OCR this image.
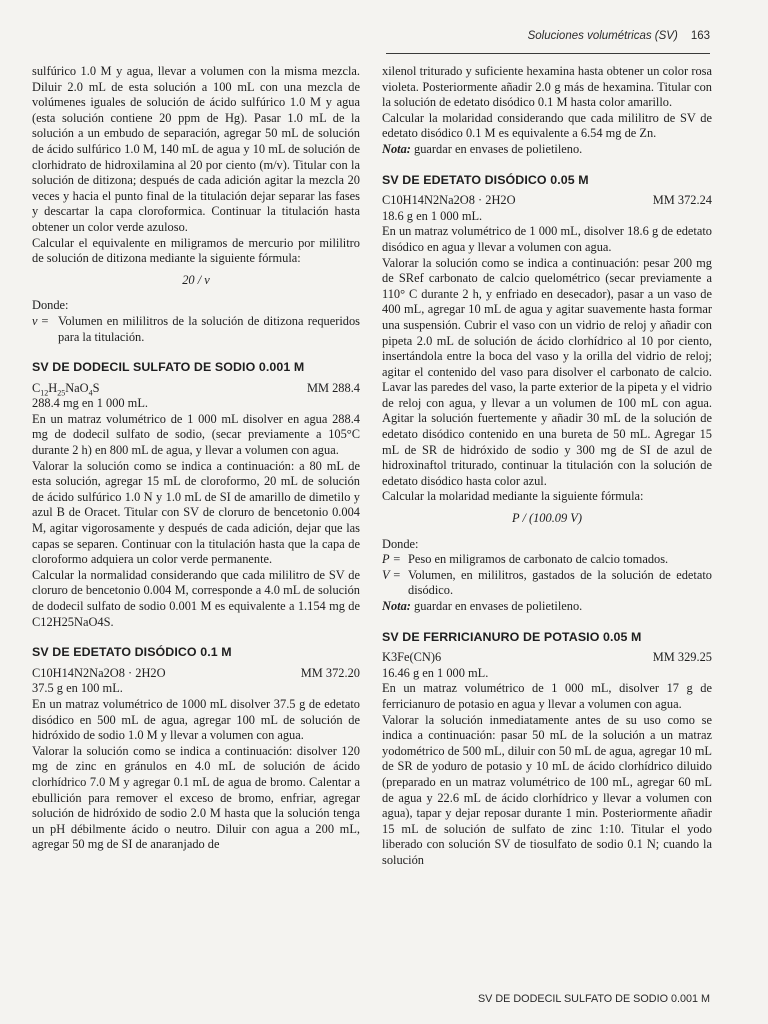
Soluciones volumétricas (SV) 163

sulfúrico 1.0 M y agua, llevar a volumen con la misma mezcla. Diluir 2.0 mL de esta solución a 100 mL con una mezcla de volúmenes iguales de solución de ácido sulfúrico 1.0 M y agua (esta solución contiene 20 ppm de Hg). Pasar 1.0 mL de la solución a un embudo de separación, agregar 50 mL de solución de ácido sulfúrico 1.0 M, 140 mL de agua y 10 mL de solución de clorhidrato de hidroxilamina al 20 por ciento (m/v). Titular con la solución de ditizona; después de cada adición agitar la mezcla 20 veces y hacia el punto final de la titulación dejar separar las fases y descartar la capa cloroformica. Continuar la titulación hasta obtener un color verde azuloso.

Calcular el equivalente en miligramos de mercurio por mililitro de solución de ditizona mediante la siguiente fórmula:

20 / v

Donde:

v = Volumen en mililitros de la solución de ditizona requeridos para la titulación.
SV DE DODECIL SULFATO DE SODIO 0.001 M
$C_{12}H_{25}NaO_4S$	MM 288.4

288.4 mg en 1 000 mL.

En un matraz volumétrico de 1 000 mL disolver en agua 288.4 mg de dodecil sulfato de sodio, (secar previamente a 105°C durante 2 h) en 800 mL de agua, y llevar a volumen con agua.

Valorar la solución como se indica a continuación: a 80 mL de esta solución, agregar 15 mL de cloroformo, 20 mL de solución de ácido sulfúrico 1.0 N y 1.0 mL de SI de amarillo de dimetilo y azul B de Oracet. Titular con SV de cloruro de bencetonio 0.004 M, agitar vigorosamente y después de cada adición, dejar que las capas se separen. Continuar con la titulación hasta que la capa de cloroformo adquiera un color verde permanente.

Calcular la normalidad considerando que cada mililitro de SV de cloruro de bencetonio 0.004 M, corresponde a 4.0 mL de solución de dodecil sulfato de sodio 0.001 M es equivalente a 1.154 mg de C12H25NaO4S.

SV DE EDETATO DISÓDICO 0.1 M
C10H14N2Na2O8 · 2H2O	MM 372.20

37.5 g en 100 mL.

En un matraz volumétrico de 1000 mL disolver 37.5 g de edetato disódico en 500 mL de agua, agregar 100 mL de solución de hidróxido de sodio 1.0 M y llevar a volumen con agua.

Valorar la solución como se indica a continuación: disolver 120 mg de zinc en gránulos en 4.0 mL de solución de ácido clorhídrico 7.0 M y agregar 0.1 mL de agua de bromo. Calentar a ebullición para remover el exceso de bromo, enfriar, agregar solución de hidróxido de sodio 2.0 M hasta que la solución tenga un pH débilmente ácido o neutro. Diluir con agua a 200 mL, agregar 50 mg de SI de anaranjado de

xilenol triturado y suficiente hexamina hasta obtener un color rosa violeta. Posteriormente añadir 2.0 g más de hexamina. Titular con la solución de edetato disódico 0.1 M hasta color amarillo.

Calcular la molaridad considerando que cada mililitro de SV de edetato disódico 0.1 M es equivalente a 6.54 mg de Zn.

Nota: guardar en envases de polietileno.

SV DE EDETATO DISÓDICO 0.05 M
C10H14N2Na2O8 · 2H2O	MM 372.24

18.6 g en 1 000 mL.

En un matraz volumétrico de 1 000 mL, disolver 18.6 g de edetato disódico en agua y llevar a volumen con agua.

Valorar la solución como se indica a continuación: pesar 200 mg de SRef carbonato de calcio quelométrico (secar previamente a 110° C durante 2 h, y enfriado en desecador), pasar a un vaso de 400 mL, agregar 10 mL de agua y agitar suavemente hasta formar una suspensión. Cubrir el vaso con un vidrio de reloj y añadir con pipeta 2.0 mL de solución de ácido clorhídrico al 10 por ciento, insertándola entre la boca del vaso y la orilla del vidrio de reloj; agitar el contenido del vaso para disolver el carbonato de calcio. Lavar las paredes del vaso, la parte exterior de la pipeta y el vidrio de reloj con agua, y llevar a un volumen de 100 mL con agua. Agitar la solución fuertemente y añadir 30 mL de la solución de edetato disódico contenido en una bureta de 50 mL. Agregar 15 mL de SR de hidróxido de sodio y 300 mg de SI de azul de hidroxinaftol triturado, continuar la titulación con la solución de edetato disódico hasta color azul.

Calcular la molaridad mediante la siguiente fórmula:

P / (100.09 V)

Donde:

P = Peso en miligramos de carbonato de calcio tomados.
V = Volumen, en mililitros, gastados de la solución de edetato disódico.

Nota: guardar en envases de polietileno.

SV DE FERRICIANURO DE POTASIO 0.05 M
K3Fe(CN)6	MM 329.25

16.46 g en 1 000 mL.

En un matraz volumétrico de 1 000 mL, disolver 17 g de ferricianuro de potasio en agua y llevar a volumen con agua.

Valorar la solución inmediatamente antes de su uso como se indica a continuación: pasar 50 mL de la solución a un matraz yodométrico de 500 mL, diluir con 50 mL de agua, agregar 10 mL de SR de yoduro de potasio y 10 mL de ácido clorhídrico diluido (preparado en un matraz volumétrico de 100 mL, agregar 60 mL de agua y 22.6 mL de ácido clorhídrico y llevar a volumen con agua), tapar y dejar reposar durante 1 min. Posteriormente añadir 15 mL de solución de sulfato de zinc 1:10. Titular el yodo liberado con solución SV de tiosulfato de sodio 0.1 N; cuando la solución

SV DE DODECIL SULFATO DE SODIO 0.001 M
